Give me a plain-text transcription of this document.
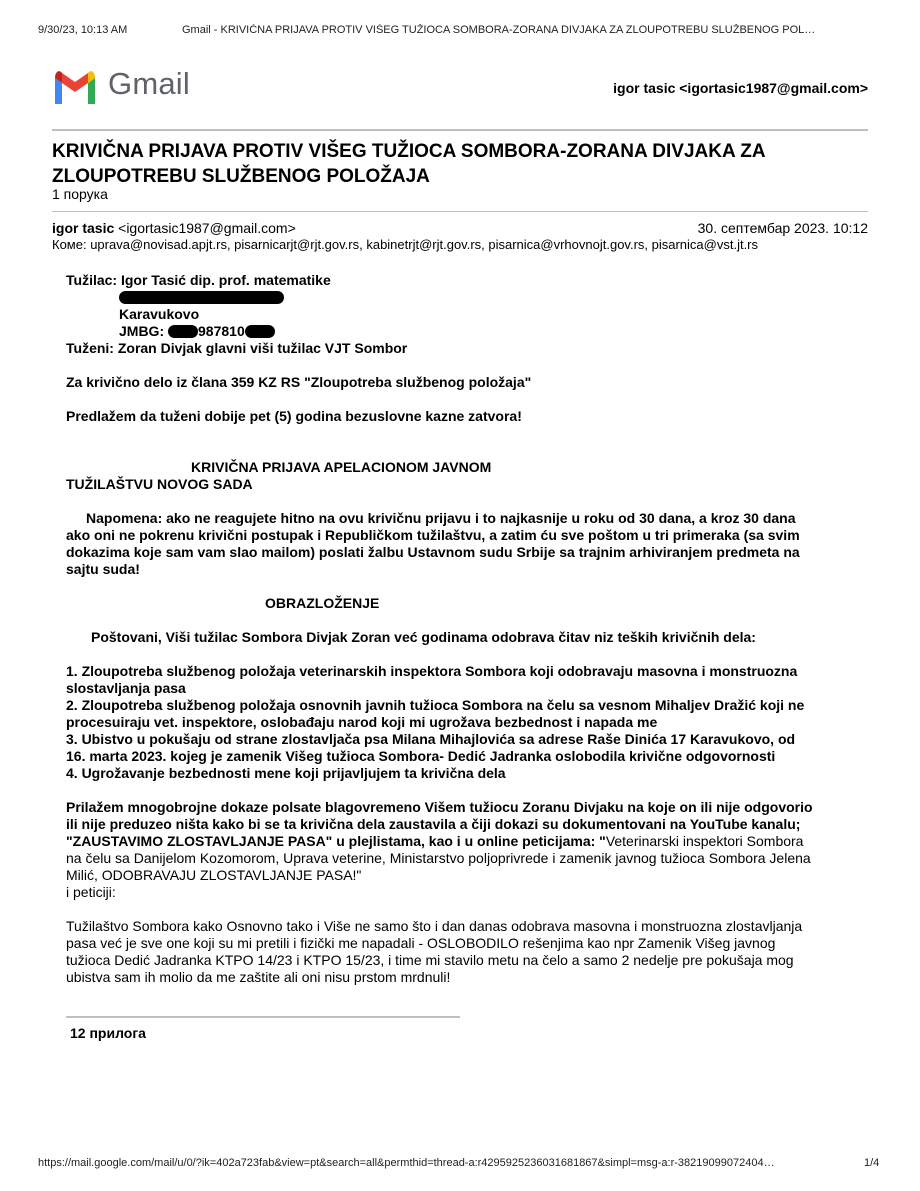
9/30/23, 10:13 AM	Gmail - KRIVIČNA PRIJAVA PROTIV VIŠEG TUŽIOCA SOMBORA-ZORANA DIVJAKA ZA ZLOUPOTREBU SLUŽBENOG POL…
Gmail	igor tasic <igortasic1987@gmail.com>
KRIVIČNA PRIJAVA PROTIV VIŠEG TUŽIOCA SOMBORA-ZORANA DIVJAKA ZA
ZLOUPOTREBU SLUŽBENOG POLOŽAJA
1 порука
igor tasic <igortasic1987@gmail.com>	30. септембар 2023. 10:12
Коме: uprava@novisad.apjt.rs, pisarnicarjt@rjt.gov.rs, kabinetrjt@rjt.gov.rs, pisarnica@vrhovnojt.gov.rs, pisarnica@vst.jt.rs

Tužilac: Igor Tasić dip. prof. matematike

Karavukovo

JMBG: 987810

Tuženi: Zoran Divjak glavni viši tužilac VJT Sombor

Za krivično delo iz člana 359 KZ RS "Zloupotreba službenog položaja"

Predlažem da tuženi dobije pet (5) godina bezuslovne kazne zatvora!

KRIVIČNA PRIJAVA APELACIONOM JAVNOM

TUŽILAŠTVU NOVOG SADA

Napomena: ako ne reagujete hitno na ovu krivičnu prijavu i to najkasnije u roku od 30 dana, a kroz 30 dana

ako oni ne pokrenu krivični postupak i Republičkom tužilaštvu, a zatim ću sve poštom u tri primeraka (sa svim

dokazima koje sam vam slao mailom) poslati žalbu Ustavnom sudu Srbije sa trajnim arhiviranjem predmeta na

sajtu suda!

OBRAZLOŽENJE

Poštovani, Viši tužilac Sombora Divjak Zoran već godinama odobrava čitav niz teških krivičnih dela:

1. Zloupotreba službenog položaja veterinarskih inspektora Sombora koji odobravaju masovna i monstruozna

slostavljanja pasa

2. Zloupotreba službenog položaja osnovnih javnih tužioca Sombora na čelu sa vesnom Mihaljev Dražić koji ne

procesuiraju vet. inspektore, oslobađaju narod koji mi ugrožava bezbednost i napada me

3. Ubistvo u pokušaju od strane zlostavljača psa Milana Mihajlovića sa adrese Raše Dinića 17 Karavukovo, od

16. marta 2023. kojeg je zamenik Višeg tužioca Sombora- Dedić Jadranka oslobodila krivične odgovornosti

4. Ugrožavanje bezbednosti mene koji prijavljujem ta krivična dela

Prilažem mnogobrojne dokaze polsate blagovremeno Višem tužiocu Zoranu Divjaku na koje on ili nije odgovorio

ili nije preduzeo ništa kako bi se ta krivična dela zaustavila a čiji dokazi su dokumentovani na YouTube kanalu;

"ZAUSTAVIMO ZLOSTAVLJANJE PASA" u plejlistama, kao i u online peticijama: "Veterinarski inspektori Sombora

na čelu sa Danijelom Kozomorom, Uprava veterine, Ministarstvo poljoprivrede i zamenik javnog tužioca Sombora Jelena

Milić, ODOBRAVAJU ZLOSTAVLJANJE PASA!"

i peticiji:

Tužilaštvo Sombora kako Osnovno tako i Više ne samo što i dan danas odobrava masovna i monstruozna zlostavljanja

pasa već je sve one koji su mi pretili i fizički me napadali - OSLOBODILO rešenjima kao npr Zamenik Višeg javnog

tužioca Dedić Jadranka KTPO 14/23 i KTPO 15/23, i time mi stavilo metu na čelo a samo 2 nedelje pre pokušaja mog

ubistva sam ih molio da me zaštite ali oni nisu prstom mrdnuli!

12 прилога
https://mail.google.com/mail/u/0/?ik=402a723fab&view=pt&search=all&permthid=thread-a:r4295925236031681867&simpl=msg-a:r-38219099072404…	1/4
